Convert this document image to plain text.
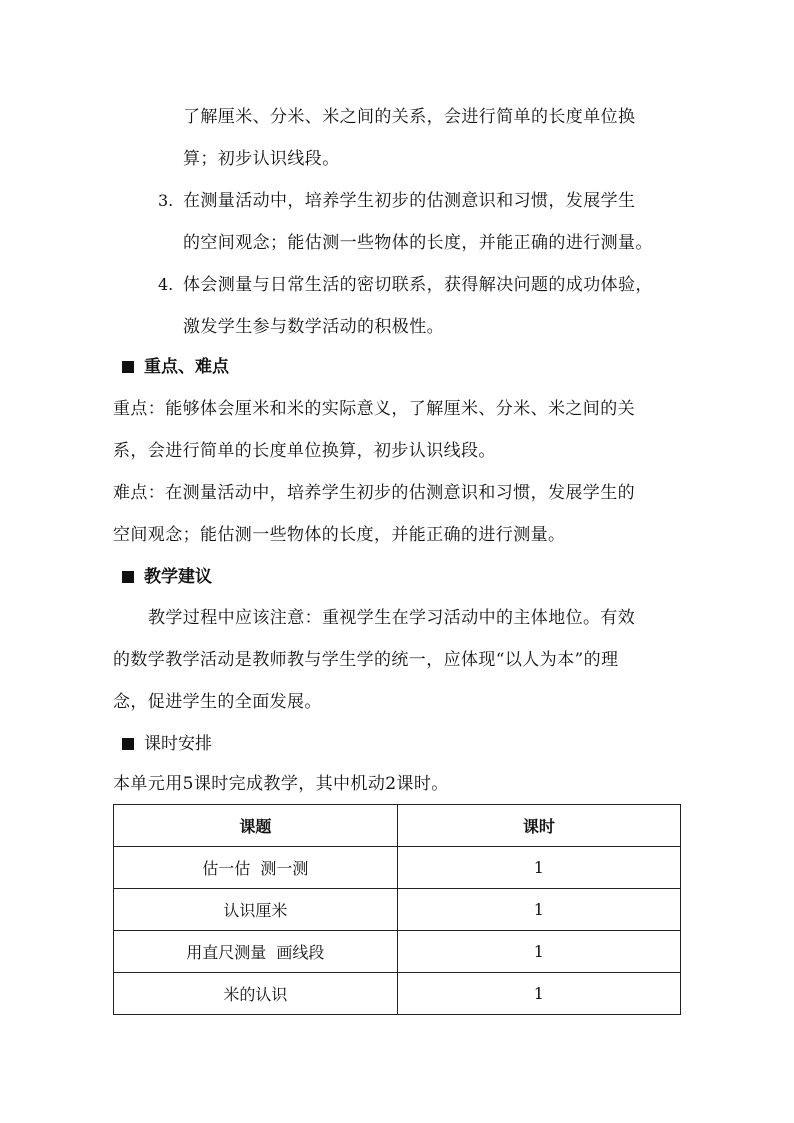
了解厘米、分米、米之间的关系，会进行简单的长度单位换
算；初步认识线段。
3. 在测量活动中，培养学生初步的估测意识和习惯，发展学生
的空间观念；能估测一些物体的长度，并能正确的进行测量。
4. 体会测量与日常生活的密切联系，获得解决问题的成功体验，
激发学生参与数学活动的积极性。
重点、难点
重点：能够体会厘米和米的实际意义，了解厘米、分米、米之间的关
系，会进行简单的长度单位换算，初步认识线段。
难点：在测量活动中，培养学生初步的估测意识和习惯，发展学生的
空间观念；能估测一些物体的长度，并能正确的进行测量。
教学建议
教学过程中应该注意：重视学生在学习活动中的主体地位。有效
的数学教学活动是教师教与学生学的统一，应体现“以人为本”的理
念，促进学生的全面发展。
课时安排
本单元用5课时完成教学，其中机动2课时。
课题	课时
估一估  测一测	1
认识厘米	1
用直尺测量  画线段	1
米的认识	1
